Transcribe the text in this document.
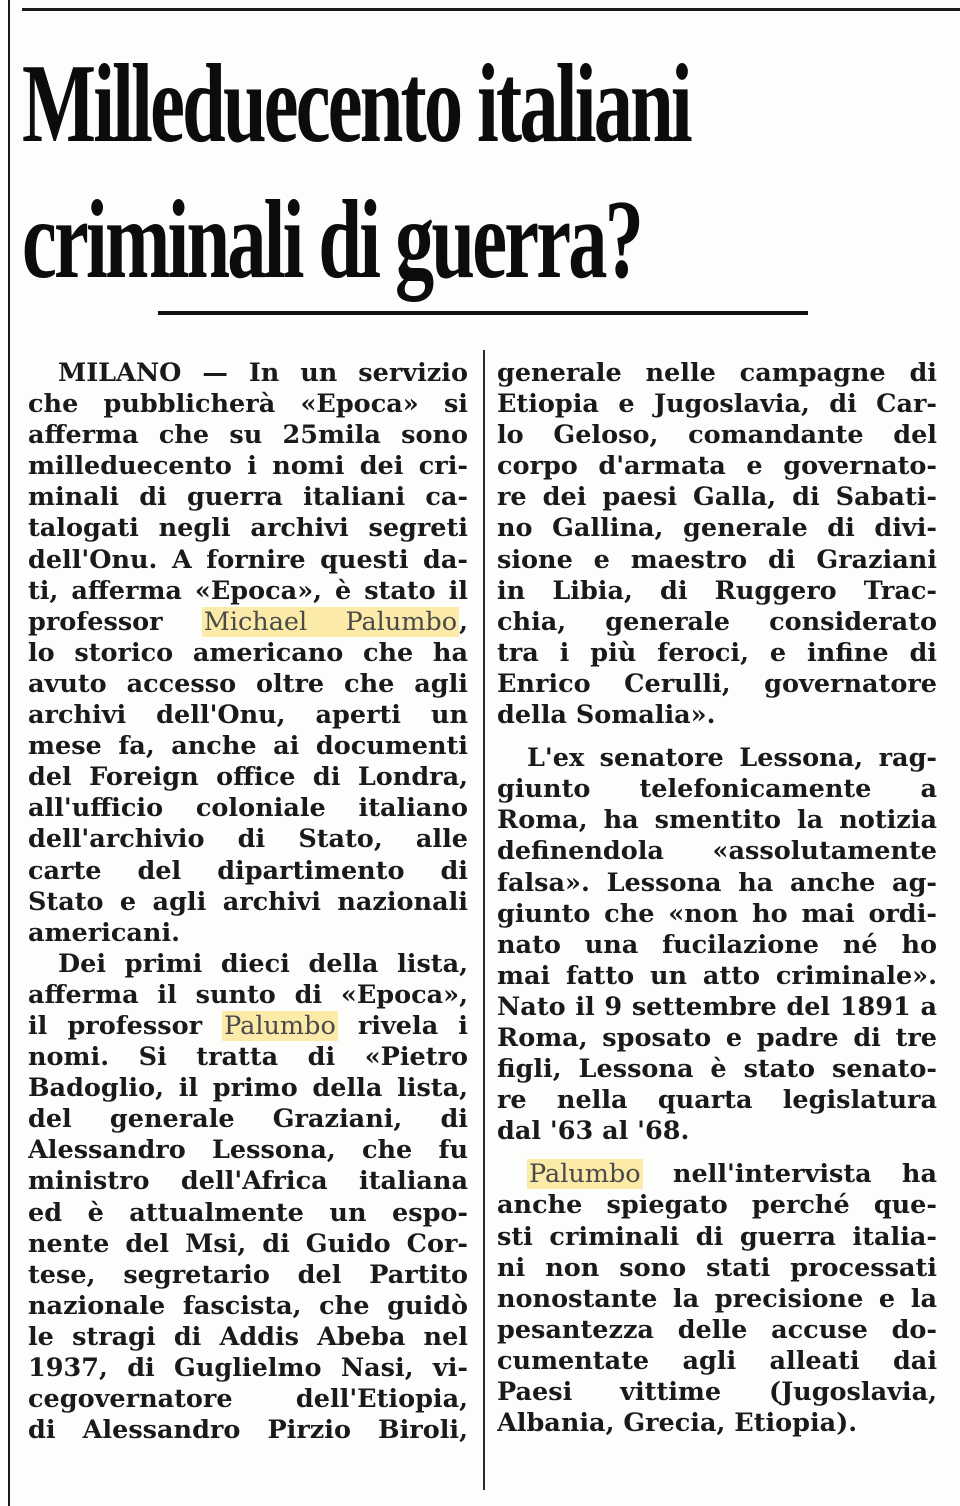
Milleduecento italiani
criminali di guerra?
MILANO — In un servizio
che pubblicherà «Epoca» si
afferma che su 25mila sono
milleduecento i nomi dei cri-
minali di guerra italiani ca-
talogati negli archivi segreti
dell'Onu. A fornire questi da-
ti, afferma «Epoca», è stato il
professor Michael Palumbo,
lo storico americano che ha
avuto accesso oltre che agli
archivi dell'Onu, aperti un
mese fa, anche ai documenti
del Foreign office di Londra,
all'ufficio coloniale italiano
dell'archivio di Stato, alle
carte del dipartimento di
Stato e agli archivi nazionali
americani.
Dei primi dieci della lista,
afferma il sunto di «Epoca»,
il professor Palumbo rivela i
nomi. Si tratta di «Pietro
Badoglio, il primo della lista,
del generale Graziani, di
Alessandro Lessona, che fu
ministro dell'Africa italiana
ed è attualmente un espo-
nente del Msi, di Guido Cor-
tese, segretario del Partito
nazionale fascista, che guidò
le stragi di Addis Abeba nel
1937, di Guglielmo Nasi, vi-
cegovernatore dell'Etiopia,
di Alessandro Pirzio Biroli,
generale nelle campagne di
Etiopia e Jugoslavia, di Car-
lo Geloso, comandante del
corpo d'armata e governato-
re dei paesi Galla, di Sabati-
no Gallina, generale di divi-
sione e maestro di Graziani
in Libia, di Ruggero Trac-
chia, generale considerato
tra i più feroci, e infine di
Enrico Cerulli, governatore
della Somalia».
L'ex senatore Lessona, rag-
giunto telefonicamente a
Roma, ha smentito la notizia
definendola «assolutamente
falsa». Lessona ha anche ag-
giunto che «non ho mai ordi-
nato una fucilazione né ho
mai fatto un atto criminale».
Nato il 9 settembre del 1891 a
Roma, sposato e padre di tre
figli, Lessona è stato senato-
re nella quarta legislatura
dal '63 al '68.
Palumbo nell'intervista ha
anche spiegato perché que-
sti criminali di guerra italia-
ni non sono stati processati
nonostante la precisione e la
pesantezza delle accuse do-
cumentate agli alleati dai
Paesi vittime (Jugoslavia,
Albania, Grecia, Etiopia).
